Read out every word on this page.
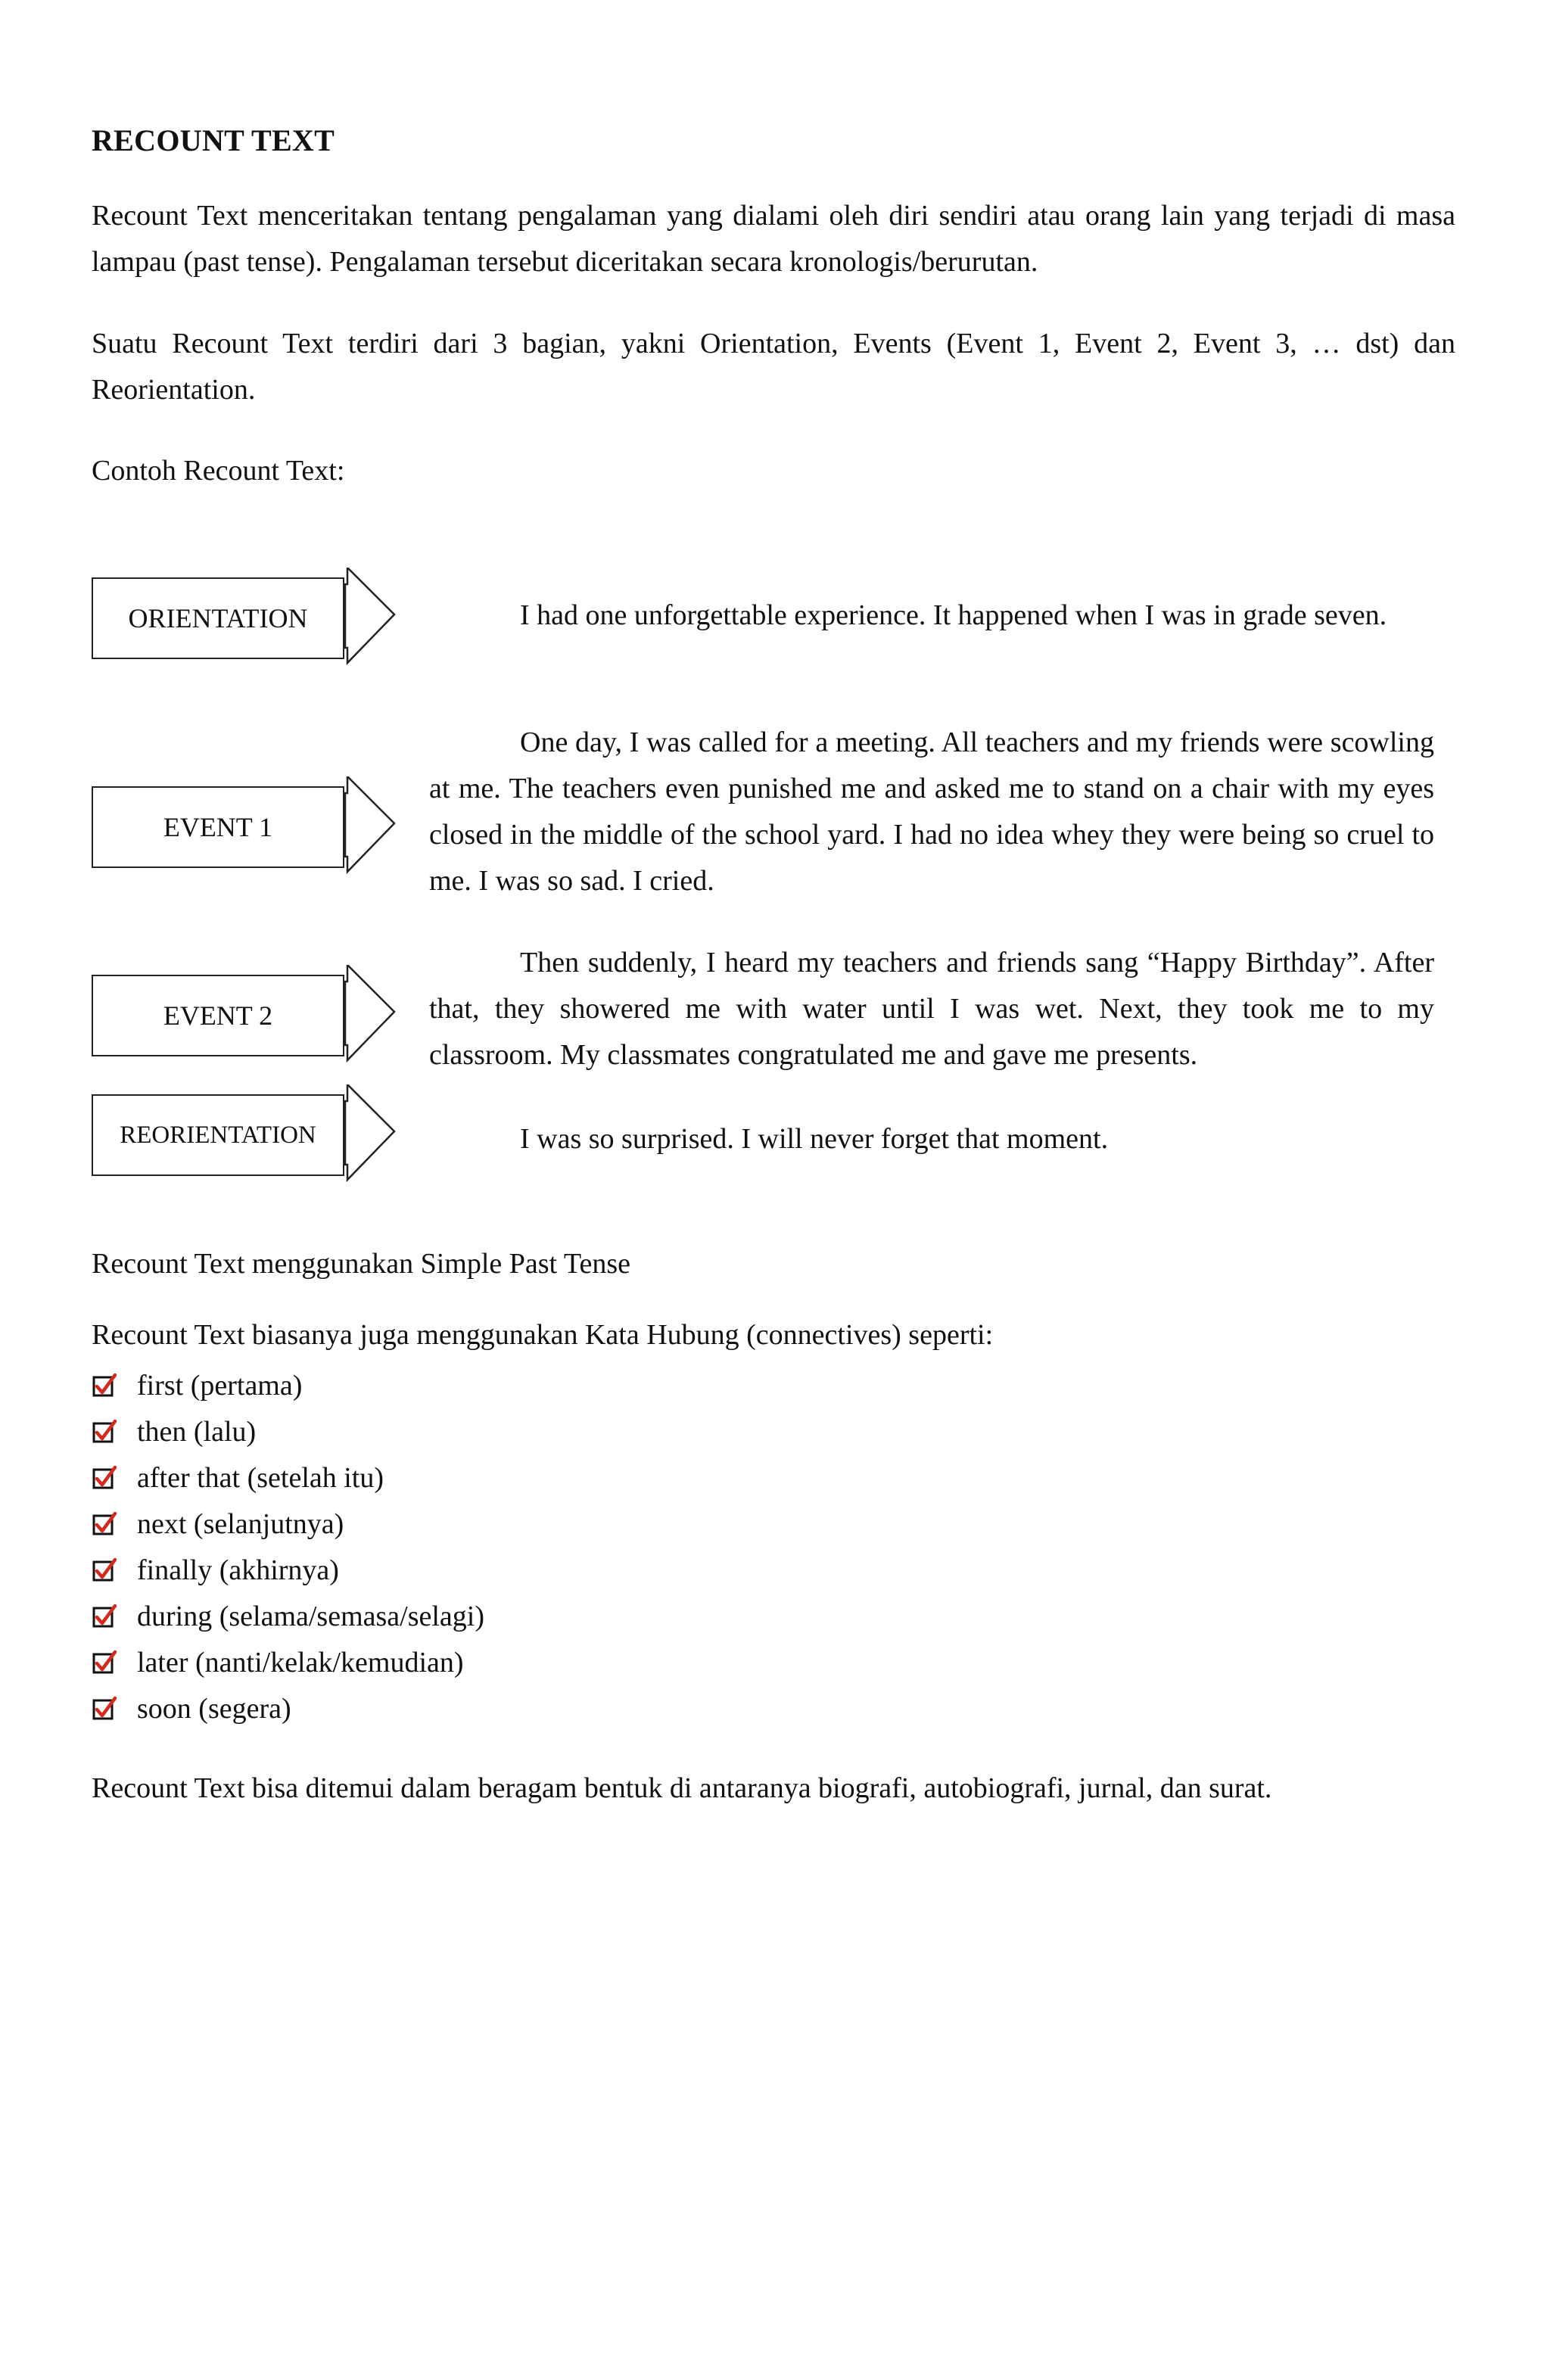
RECOUNT TEXT
Recount Text menceritakan tentang pengalaman yang dialami oleh diri sendiri atau orang lain yang terjadi di masa lampau (past tense). Pengalaman tersebut diceritakan secara kronologis/berurutan.
Suatu Recount Text terdiri dari 3 bagian, yakni Orientation, Events (Event 1, Event 2, Event 3, … dst) dan Reorientation.
Contoh Recount Text:
ORIENTATION	I had one unforgettable experience. It happened when I was in grade seven.
EVENT 1
One day, I was called for a meeting. All teachers and my friends were scowling at me. The teachers even punished me and asked me to stand on a chair with my eyes closed in the middle of the school yard. I had no idea whey they were being so cruel to me. I was so sad. I cried.
EVENT 2
Then suddenly, I heard my teachers and friends sang “Happy Birthday”. After that, they showered me with water until I was wet. Next, they took me to my classroom. My classmates congratulated me and gave me presents.
REORIENTATION	I was so surprised. I will never forget that moment.
Recount Text menggunakan Simple Past Tense
Recount Text biasanya juga menggunakan Kata Hubung (connectives) seperti:
first (pertama)
then (lalu)
after that (setelah itu)
next (selanjutnya)
finally (akhirnya)
during (selama/semasa/selagi)
later (nanti/kelak/kemudian)
soon (segera)
Recount Text bisa ditemui dalam beragam bentuk di antaranya biografi, autobiografi, jurnal, dan surat.
